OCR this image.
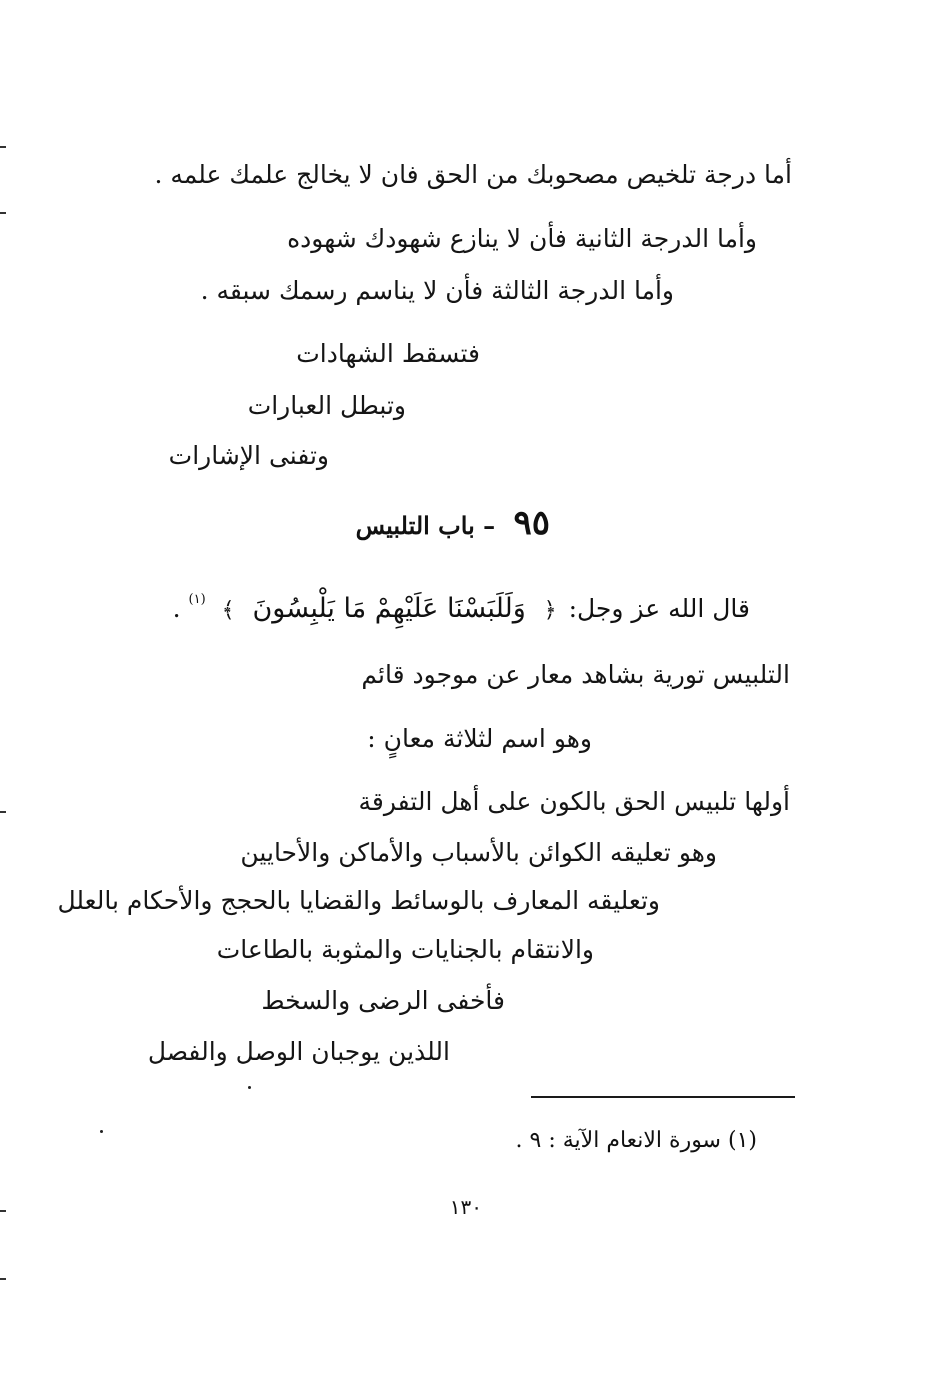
أما درجة تلخيص مصحوبك من الحق فان لا يخالج علمك علمه .
وأما الدرجة الثانية فأن لا ينازع شهودك شهوده
وأما الدرجة الثالثة فأن لا يناسم رسمك سبقه .
فتسقط الشهادات
وتبطل العبارات
وتفنى الإشارات
٩٥ – باب التلبيس
قال الله عز وجل: ﴿ وَلَلَبَسْنَا عَلَيْهِمْ مَا يَلْبِسُونَ ﴾ $^{(١)}$ .
التلبيس تورية بشاهد معار عن موجود قائم
وهو اسم لثلاثة معانٍ :
أولها تلبيس الحق بالكون على أهل التفرقة
وهو تعليقه الكوائن بالأسباب والأماكن والأحايين
وتعليقه المعارف بالوسائط والقضايا بالحجج والأحكام بالعلل
والانتقام بالجنايات والمثوبة بالطاعات
فأخفى الرضى والسخط
اللذين يوجبان الوصل والفصل
(١) سورة الانعام الآية : ٩ .
١٣٠
